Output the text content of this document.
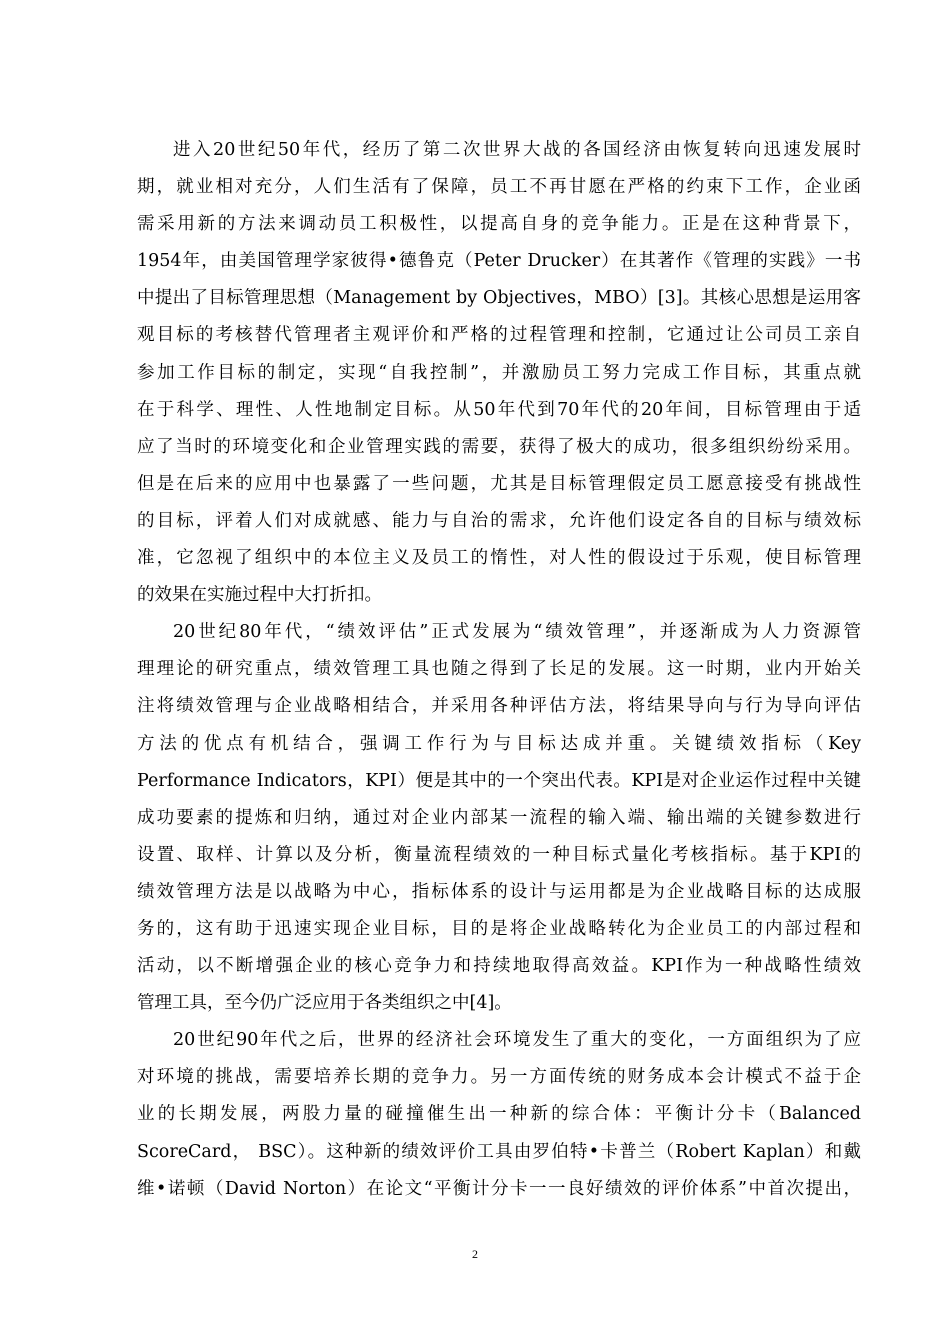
进入20世纪50年代，经历了第二次世界大战的各国经济由恢复转向迅速发展时
期，就业相对充分，人们生活有了保障，员工不再甘愿在严格的约束下工作，企业函
需采用新的方法来调动员工积极性，以提高自身的竞争能力。正是在这种背景下，
1954年，由美国管理学家彼得•德鲁克（Peter Drucker）在其著作《管理的实践》一书
中提出了目标管理思想（Management by Objectives，MBO）[3]。其核心思想是运用客
观目标的考核替代管理者主观评价和严格的过程管理和控制，它通过让公司员工亲自
参加工作目标的制定，实现“自我控制”，并激励员工努力完成工作目标，其重点就
在于科学、理性、人性地制定目标。从50年代到70年代的20年间，目标管理由于适
应了当时的环境变化和企业管理实践的需要，获得了极大的成功，很多组织纷纷采用。
但是在后来的应用中也暴露了一些问题，尤其是目标管理假定员工愿意接受有挑战性
的目标，评着人们对成就感、能力与自治的需求，允许他们设定各自的目标与绩效标
准，它忽视了组织中的本位主义及员工的惰性，对人性的假设过于乐观，使目标管理
的效果在实施过程中大打折扣。
20世纪80年代，“绩效评估”正式发展为“绩效管理”，并逐渐成为人力资源管
理理论的研究重点，绩效管理工具也随之得到了长足的发展。这一时期，业内开始关
注将绩效管理与企业战略相结合，并采用各种评估方法，将结果导向与行为导向评估
方法的优点有机结合，强调工作行为与目标达成并重。关键绩效指标（Key
Performance Indicators，KPI）便是其中的一个突出代表。KPI是对企业运作过程中关键
成功要素的提炼和归纳，通过对企业内部某一流程的输入端、输出端的关键参数进行
设置、取样、计算以及分析，衡量流程绩效的一种目标式量化考核指标。基于KPI的
绩效管理方法是以战略为中心，指标体系的设计与运用都是为企业战略目标的达成服
务的，这有助于迅速实现企业目标，目的是将企业战略转化为企业员工的内部过程和
活动，以不断增强企业的核心竞争力和持续地取得高效益。KPI作为一种战略性绩效
管理工具，至今仍广泛应用于各类组织之中[4]。
20世纪90年代之后，世界的经济社会环境发生了重大的变化，一方面组织为了应
对环境的挑战，需要培养长期的竞争力。另一方面传统的财务成本会计模式不益于企
业的长期发展，两股力量的碰撞催生出一种新的综合体：平衡计分卡（Balanced
ScoreCard， BSC）。这种新的绩效评价工具由罗伯特•卡普兰（Robert Kaplan）和戴
维•诺顿（David Norton）在论文“平衡计分卡一一良好绩效的评价体系”中首次提出，
2
